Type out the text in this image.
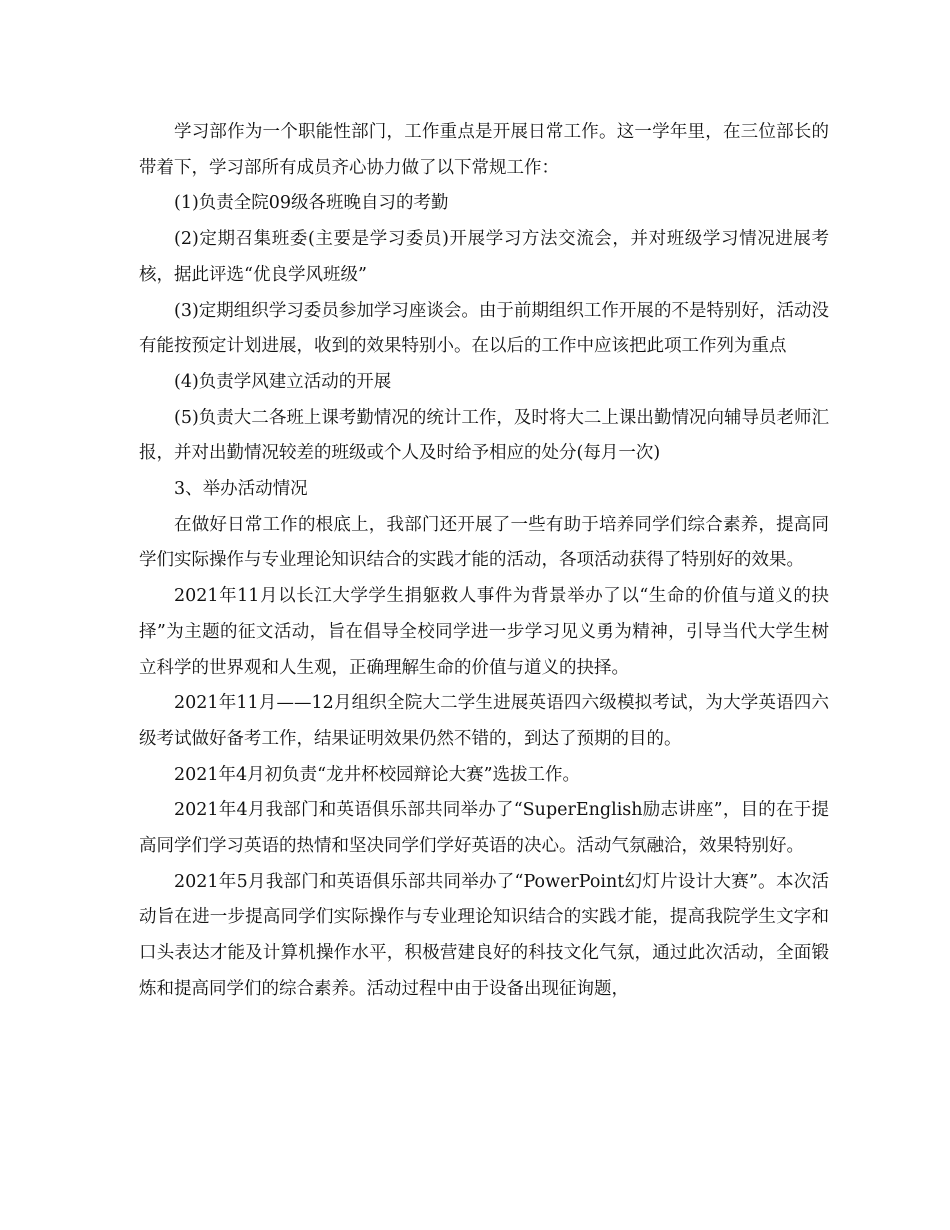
学习部作为一个职能性部门，工作重点是开展日常工作。这一学年里，在三位部长的带着下，学习部所有成员齐心协力做了以下常规工作：

(1)负责全院09级各班晚自习的考勤

(2)定期召集班委(主要是学习委员)开展学习方法交流会，并对班级学习情况进展考核，据此评选“优良学风班级”

(3)定期组织学习委员参加学习座谈会。由于前期组织工作开展的不是特别好，活动没有能按预定计划进展，收到的效果特别小。在以后的工作中应该把此项工作列为重点

(4)负责学风建立活动的开展

(5)负责大二各班上课考勤情况的统计工作，及时将大二上课出勤情况向辅导员老师汇报，并对出勤情况较差的班级或个人及时给予相应的处分(每月一次)

3、举办活动情况

在做好日常工作的根底上，我部门还开展了一些有助于培养同学们综合素养，提高同学们实际操作与专业理论知识结合的实践才能的活动，各项活动获得了特别好的效果。

2021年11月以长江大学学生捐躯救人事件为背景举办了以“生命的价值与道义的抉择”为主题的征文活动，旨在倡导全校同学进一步学习见义勇为精神，引导当代大学生树立科学的世界观和人生观，正确理解生命的价值与道义的抉择。

2021年11月——12月组织全院大二学生进展英语四六级模拟考试，为大学英语四六级考试做好备考工作，结果证明效果仍然不错的，到达了预期的目的。

2021年4月初负责“龙井杯校园辩论大赛”选拔工作。

2021年4月我部门和英语俱乐部共同举办了“SuperEnglish励志讲座”，目的在于提高同学们学习英语的热情和坚决同学们学好英语的决心。活动气氛融洽，效果特别好。

2021年5月我部门和英语俱乐部共同举办了“PowerPoint幻灯片设计大赛”。本次活动旨在进一步提高同学们实际操作与专业理论知识结合的实践才能，提高我院学生文字和口头表达才能及计算机操作水平，积极营建良好的科技文化气氛，通过此次活动，全面锻炼和提高同学们的综合素养。活动过程中由于设备出现征询题，
